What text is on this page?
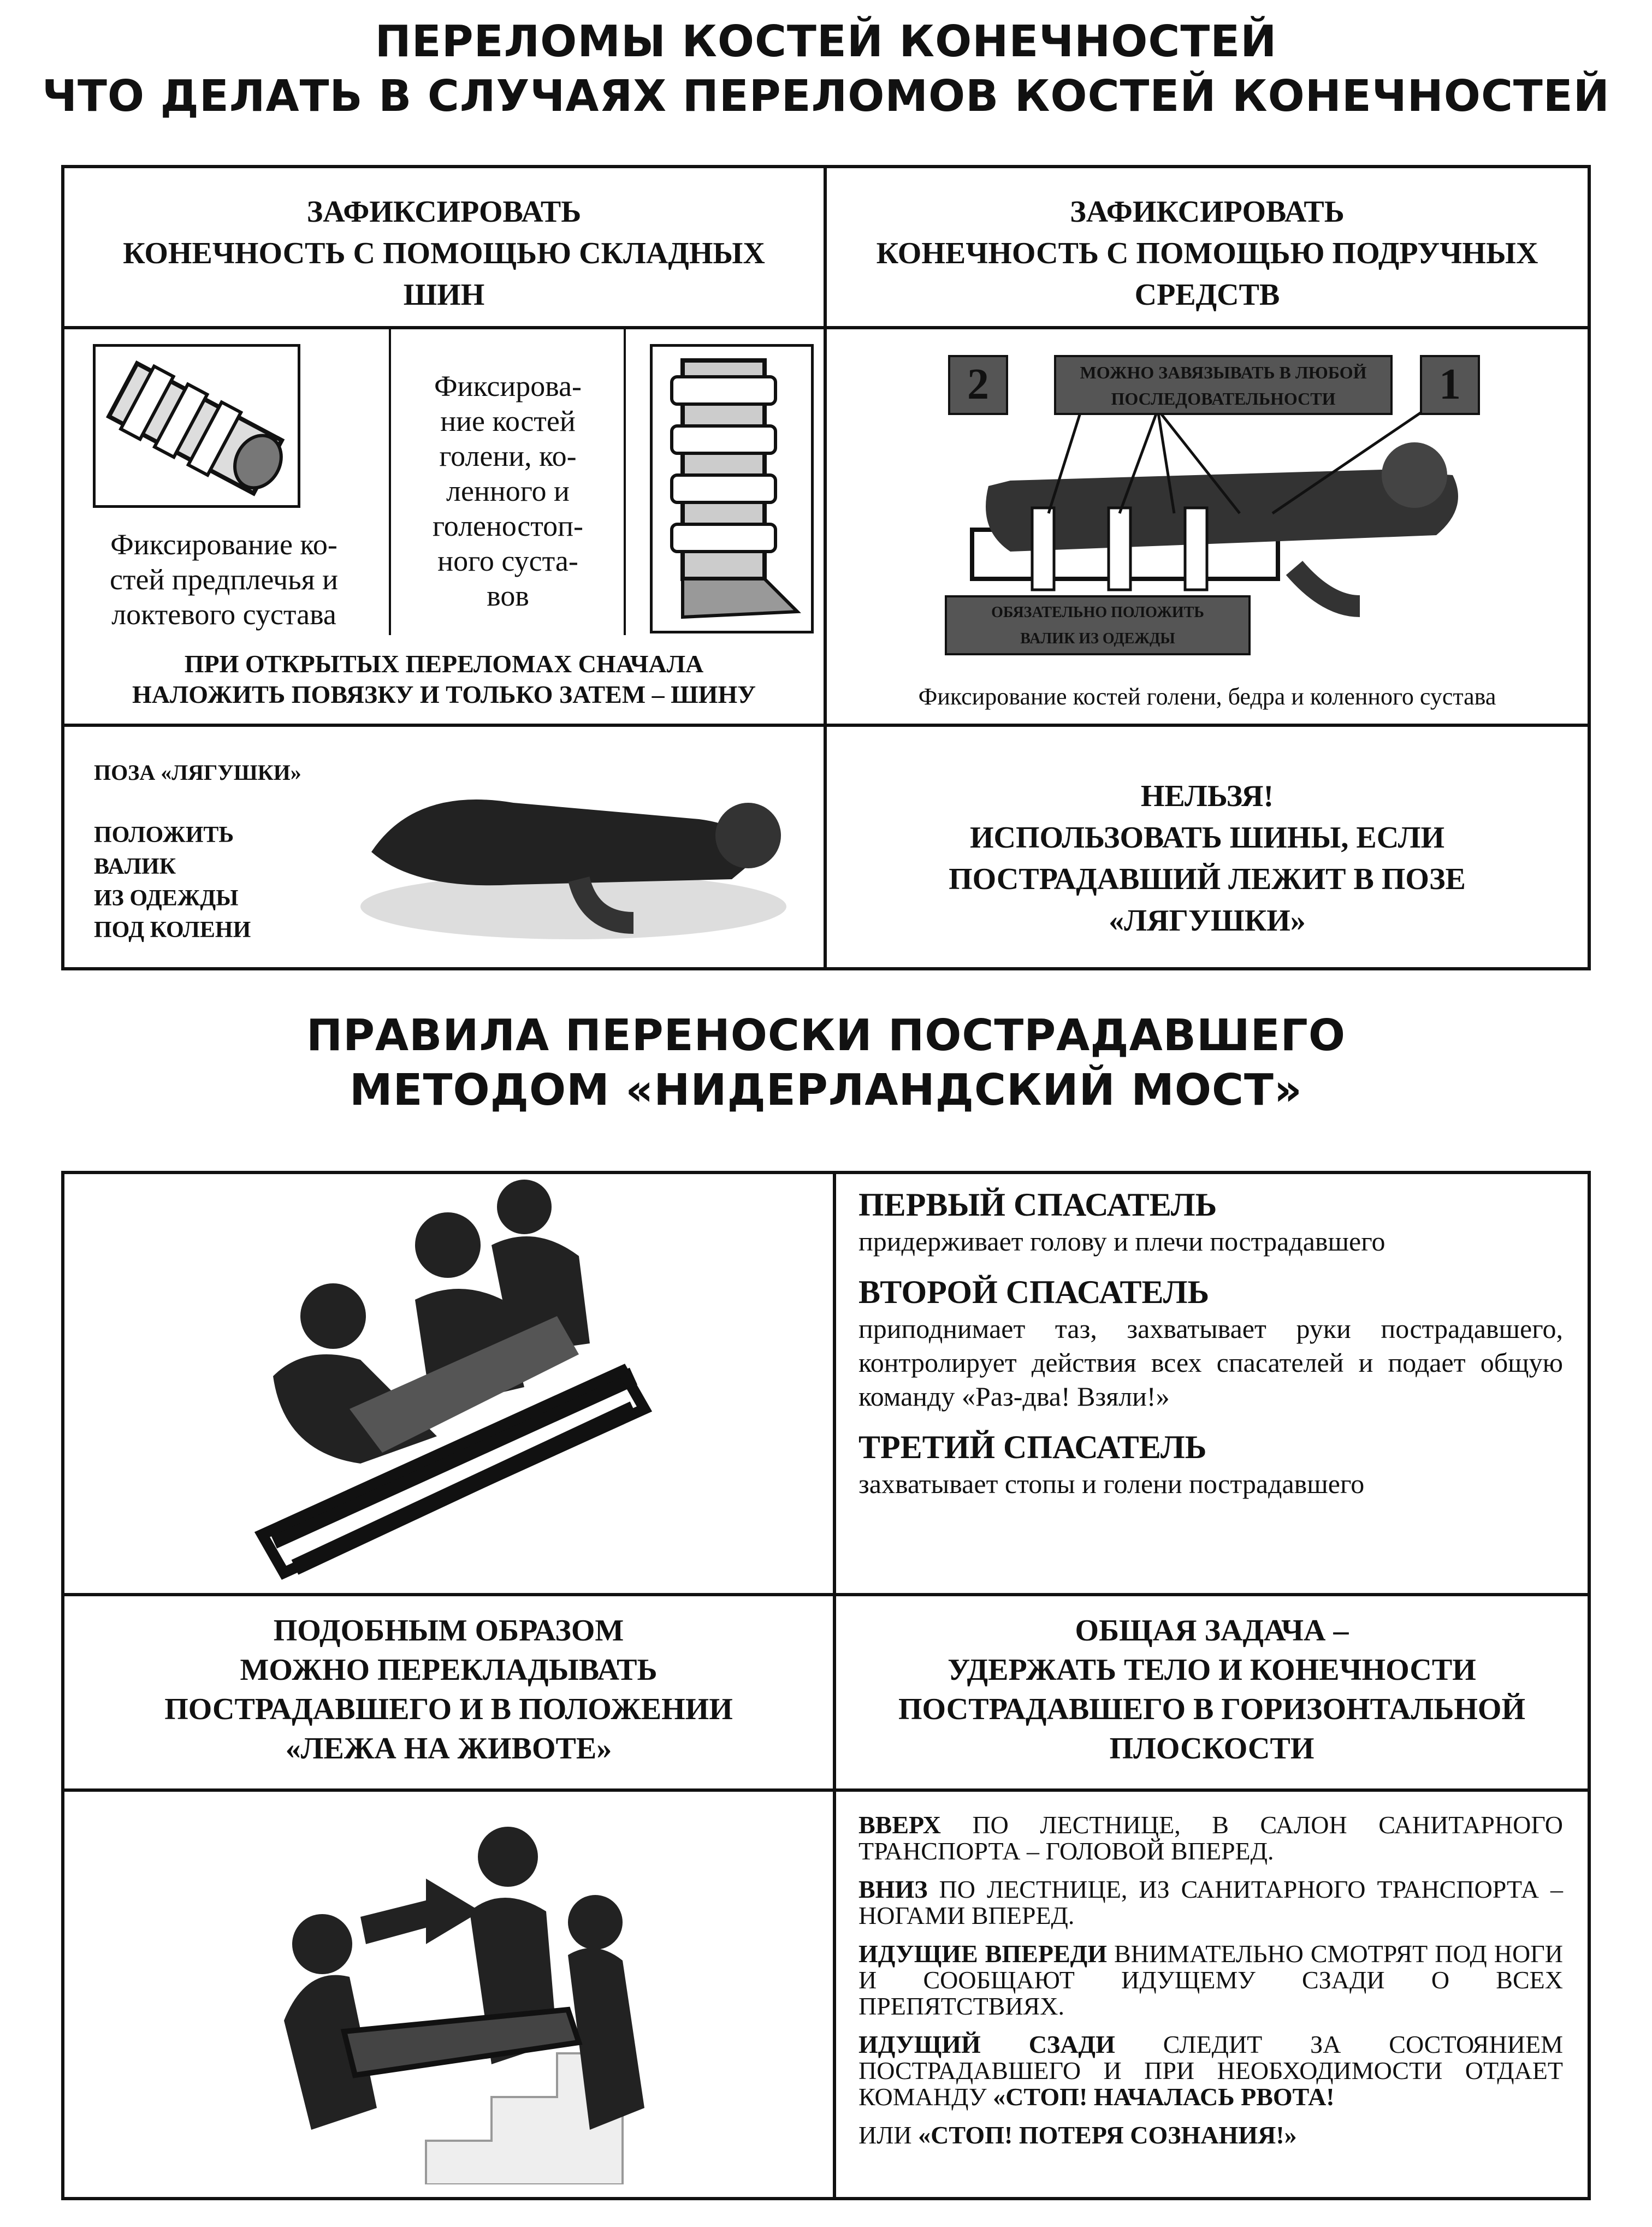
ПЕРЕЛОМЫ КОСТЕЙ КОНЕЧНОСТЕЙ
ЧТО ДЕЛАТЬ В СЛУЧАЯХ ПЕРЕЛОМОВ КОСТЕЙ КОНЕЧНОСТЕЙ
ЗАФИКСИРОВАТЬ
КОНЕЧНОСТЬ С ПОМОЩЬЮ СКЛАДНЫХ
ШИН
ЗАФИКСИРОВАТЬ
КОНЕЧНОСТЬ С ПОМОЩЬЮ ПОДРУЧНЫХ
СРЕДСТВ
Фиксирование ко-
стей предплечья и
локтевого сустава
Фиксирова-
ние костей
голени, ко-
ленного и
голеностоп-
ного суста-
вов
ПРИ ОТКРЫТЫХ ПЕРЕЛОМАХ СНАЧАЛА
НАЛОЖИТЬ ПОВЯЗКУ И ТОЛЬКО ЗАТЕМ – ШИНУ
2	МОЖНО ЗАВЯЗЫВАТЬ В ЛЮБОЙ
ПОСЛЕДОВАТЕЛЬНОСТИ	1
ОБЯЗАТЕЛЬНО ПОЛОЖИТЬ
ВАЛИК ИЗ ОДЕЖДЫ
Фиксирование костей голени, бедра и коленного сустава
ПОЗА «ЛЯГУШКИ»
ПОЛОЖИТЬ
ВАЛИК
ИЗ ОДЕЖДЫ
ПОД КОЛЕНИ
НЕЛЬЗЯ!
ИСПОЛЬЗОВАТЬ ШИНЫ, ЕСЛИ
ПОСТРАДАВШИЙ ЛЕЖИТ В ПОЗЕ
«ЛЯГУШКИ»
ПРАВИЛА ПЕРЕНОСКИ ПОСТРАДАВШЕГО
МЕТОДОМ «НИДЕРЛАНДСКИЙ МОСТ»
ПЕРВЫЙ СПАСАТЕЛЬ
придерживает голову и плечи пострадавшего
ВТОРОЙ СПАСАТЕЛЬ
приподнимает таз, захватывает руки пострадавшего, контролирует действия всех спасателей и подает общую команду «Раз-два! Взяли!»
ТРЕТИЙ СПАСАТЕЛЬ
захватывает стопы и голени пострадавшего
ПОДОБНЫМ ОБРАЗОМ
МОЖНО ПЕРЕКЛАДЫВАТЬ
ПОСТРАДАВШЕГО И В ПОЛОЖЕНИИ
«ЛЕЖА НА ЖИВОТЕ»
ОБЩАЯ ЗАДАЧА –
УДЕРЖАТЬ ТЕЛО И КОНЕЧНОСТИ
ПОСТРАДАВШЕГО В ГОРИЗОНТАЛЬНОЙ
ПЛОСКОСТИ

ВВЕРХ ПО ЛЕСТНИЦЕ, В САЛОН САНИТАРНОГО ТРАНСПОРТА – ГОЛОВОЙ ВПЕРЕД.

ВНИЗ ПО ЛЕСТНИЦЕ, ИЗ САНИТАРНОГО ТРАНСПОРТА – НОГАМИ ВПЕРЕД.

ИДУЩИЕ ВПЕРЕДИ ВНИМАТЕЛЬНО СМОТРЯТ ПОД НОГИ И СООБЩАЮТ ИДУЩЕМУ СЗАДИ О ВСЕХ ПРЕПЯТСТВИЯХ.

ИДУЩИЙ СЗАДИ СЛЕДИТ ЗА СОСТОЯНИЕМ ПОСТРАДАВШЕГО И ПРИ НЕОБХОДИМОСТИ ОТДАЕТ КОМАНДУ «СТОП! НАЧАЛАСЬ РВОТА!

ИЛИ «СТОП! ПОТЕРЯ СОЗНАНИЯ!»
